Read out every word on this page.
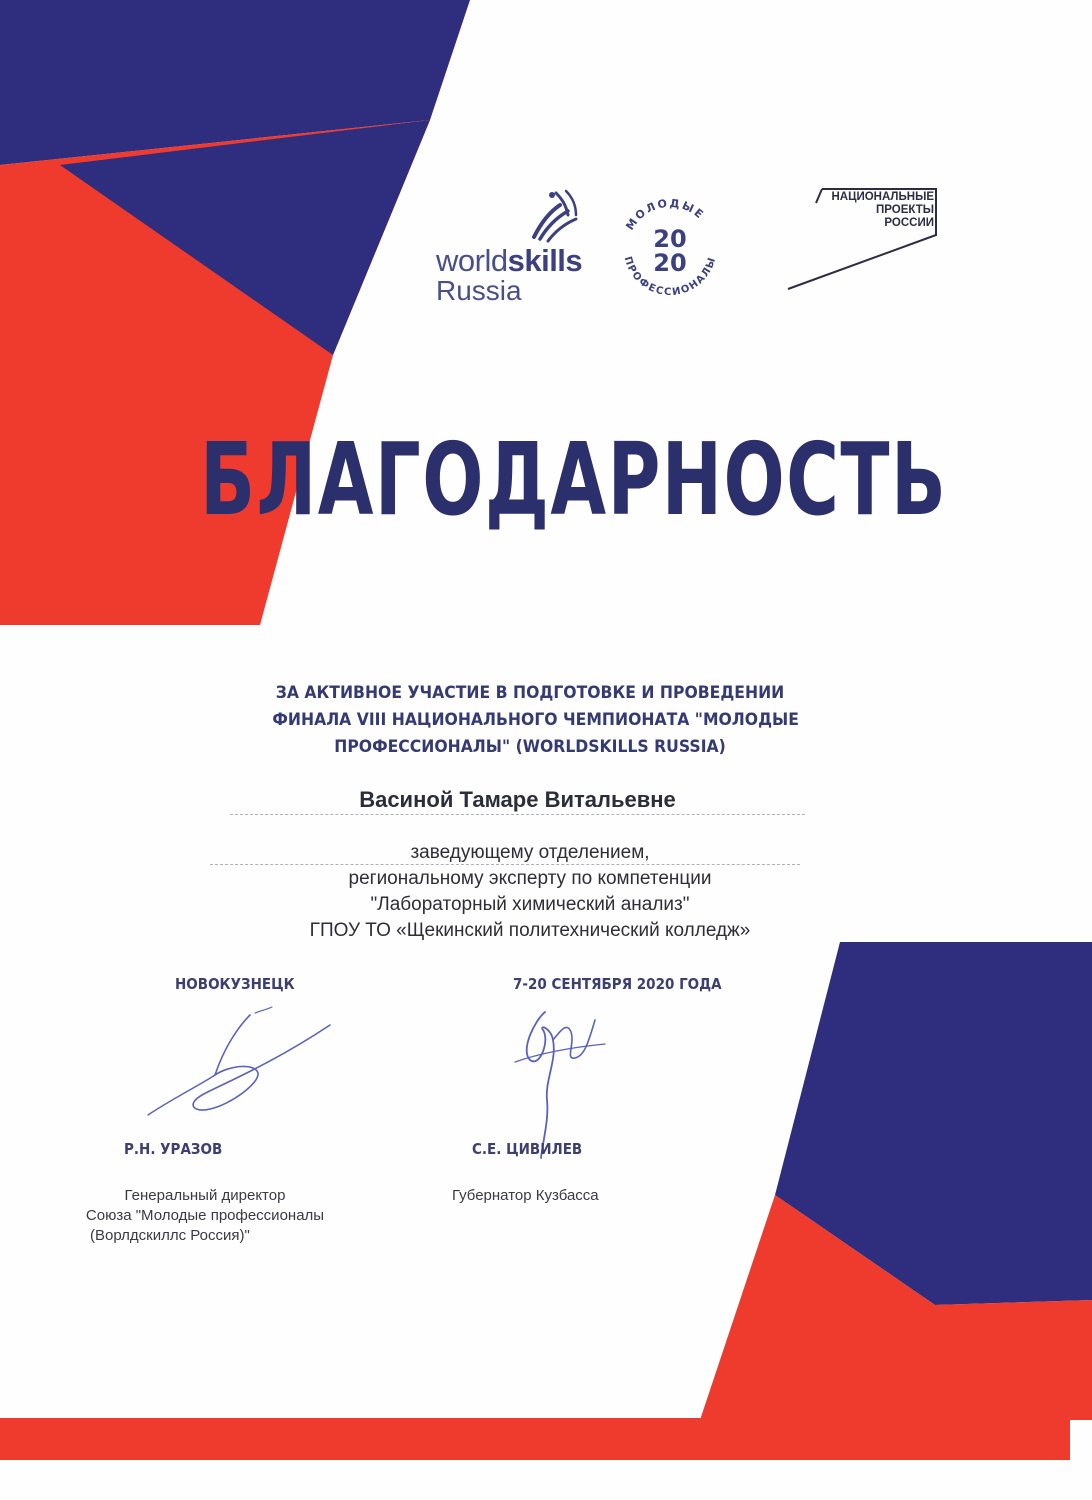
worldskills
Russia
МОЛОДЫЕ
ПРОФЕССИОНАЛЫ
20
20
НАЦИОНАЛЬНЫЕ
ПРОЕКТЫ
РОССИИ
БЛАГОДАРНОСТЬ
ЗА АКТИВНОЕ УЧАСТИЕ В ПОДГОТОВКЕ И ПРОВЕДЕНИИ
ФИНАЛА VIII НАЦИОНАЛЬНОГО ЧЕМПИОНАТА "МОЛОДЫЕ
ПРОФЕССИОНАЛЫ" (WORLDSKILLS RUSSIA)
Васиной Тамаре Витальевне
заведующему отделением,
региональному эксперту по компетенции
"Лабораторный химический анализ"
ГПОУ ТО «Щекинский политехнический колледж»
НОВОКУЗНЕЦК	7-20 СЕНТЯБРЯ 2020 ГОДА
Р.Н. УРАЗОВ	С.Е. ЦИВИЛЕВ
Генеральный директор
Союза "Молодые профессионалы
(Ворлдскиллс Россия)"
Губернатор Кузбасса
